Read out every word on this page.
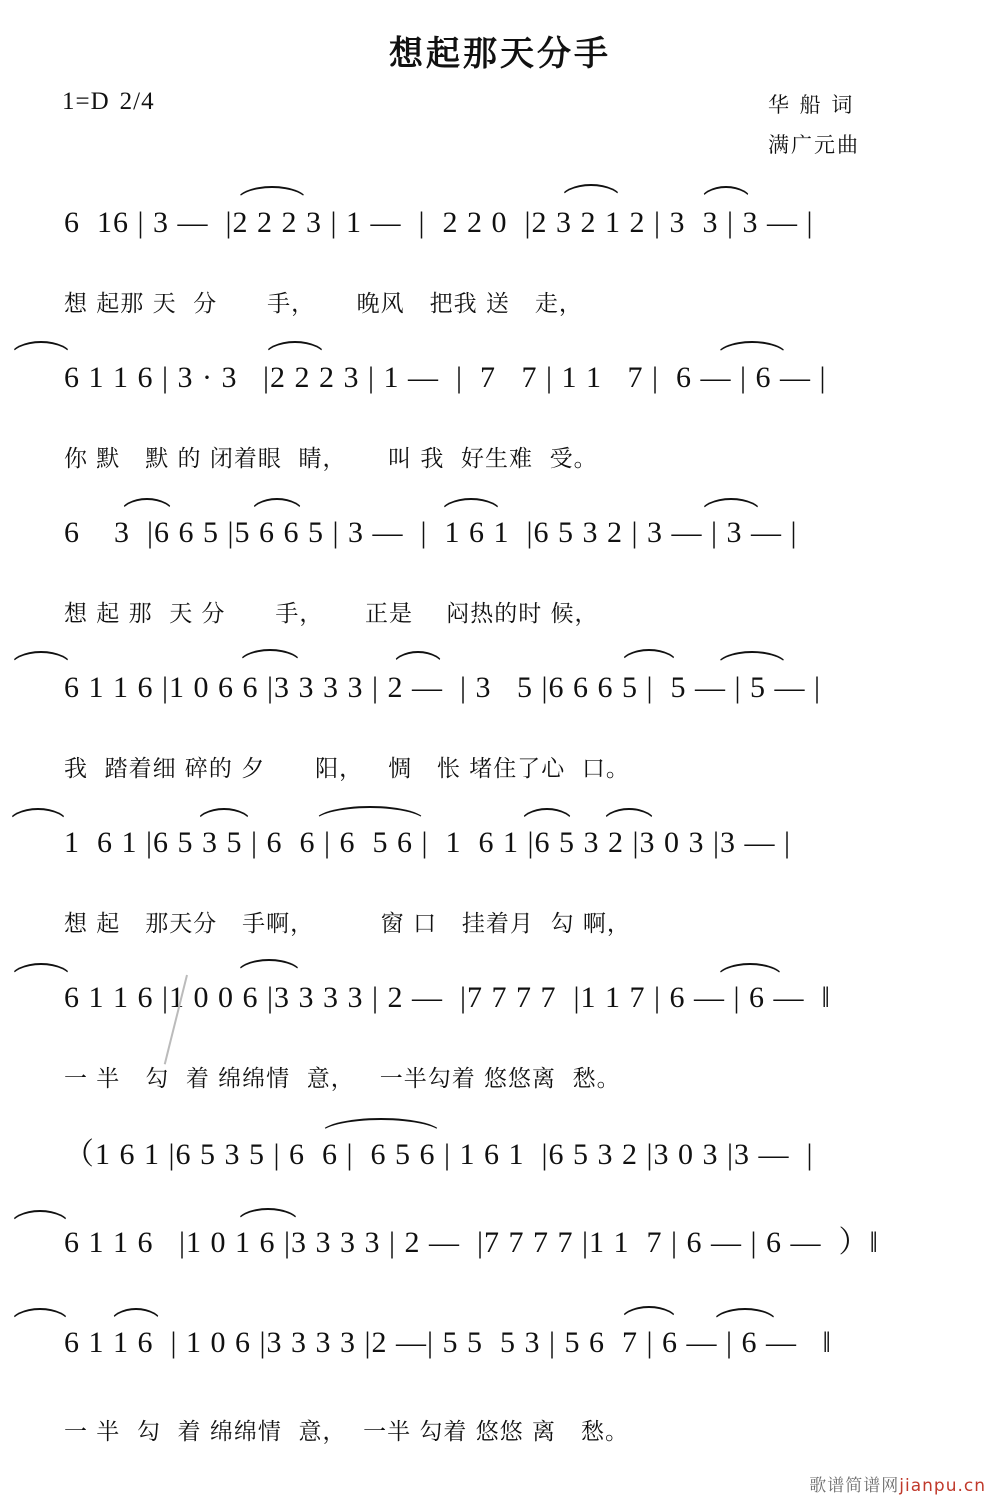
想起那天分手
1=D 2/4	华 船 词
满广元曲
6  16 | 3 —  |2 2 2 3 | 1 —  |  2 2 0  |2 3 2 1 2 | 3  3 | 3 — |
想 起那 天  分      手，     晚风   把我 送   走，
6 1 1 6 | 3 · 3   |2 2 2 3 | 1 —  |  7   7 | 1 1   7 |  6 — | 6 — |
你 默   默 的 闭着眼  睛，     叫 我  好生难  受。
6    3  |6 6 5 |5 6 6 5 | 3 —  |  1 6 1  |6 5 3 2 | 3 — | 3 — |
想 起 那  天 分      手，     正是    闷热的时 候，
6 1 1 6 |1 0 6 6 |3 3 3 3 | 2 —  | 3   5 |6 6 6 5 |  5 — | 5 — |
我  踏着细 碎的 夕      阳，   惆   怅 堵住了心  口。
1  6 1 |6 5 3 5 | 6  6 | 6  5 6 |  1  6 1 |6 5 3 2 |3 0 3 |3 — |
想 起   那天分   手啊，        窗 口   挂着月  勾 啊，
6 1 1 6 |1 0 0 6 |3 3 3 3 | 2 —  |7 7 7 7  |1 1 7 | 6 — | 6 —  ‖
一 半   勾  着 绵绵情  意，   一半勾着 悠悠离  愁。
（1 6 1 |6 5 3 5 | 6  6 |  6 5 6 | 1 6 1  |6 5 3 2 |3 0 3 |3 —  |
6 1 1 6   |1 0 1 6 |3 3 3 3 | 2 —  |7 7 7 7 |1 1  7 | 6 — | 6 —  ）‖
6 1 1 6  | 1 0 6 |3 3 3 3 |2 —| 5 5  5 3 | 5 6  7 | 6 — | 6 —   ‖
一 半  勾  着 绵绵情  意，  一半 勾着 悠悠 离   愁。
歌谱简谱网jianpu.cn
